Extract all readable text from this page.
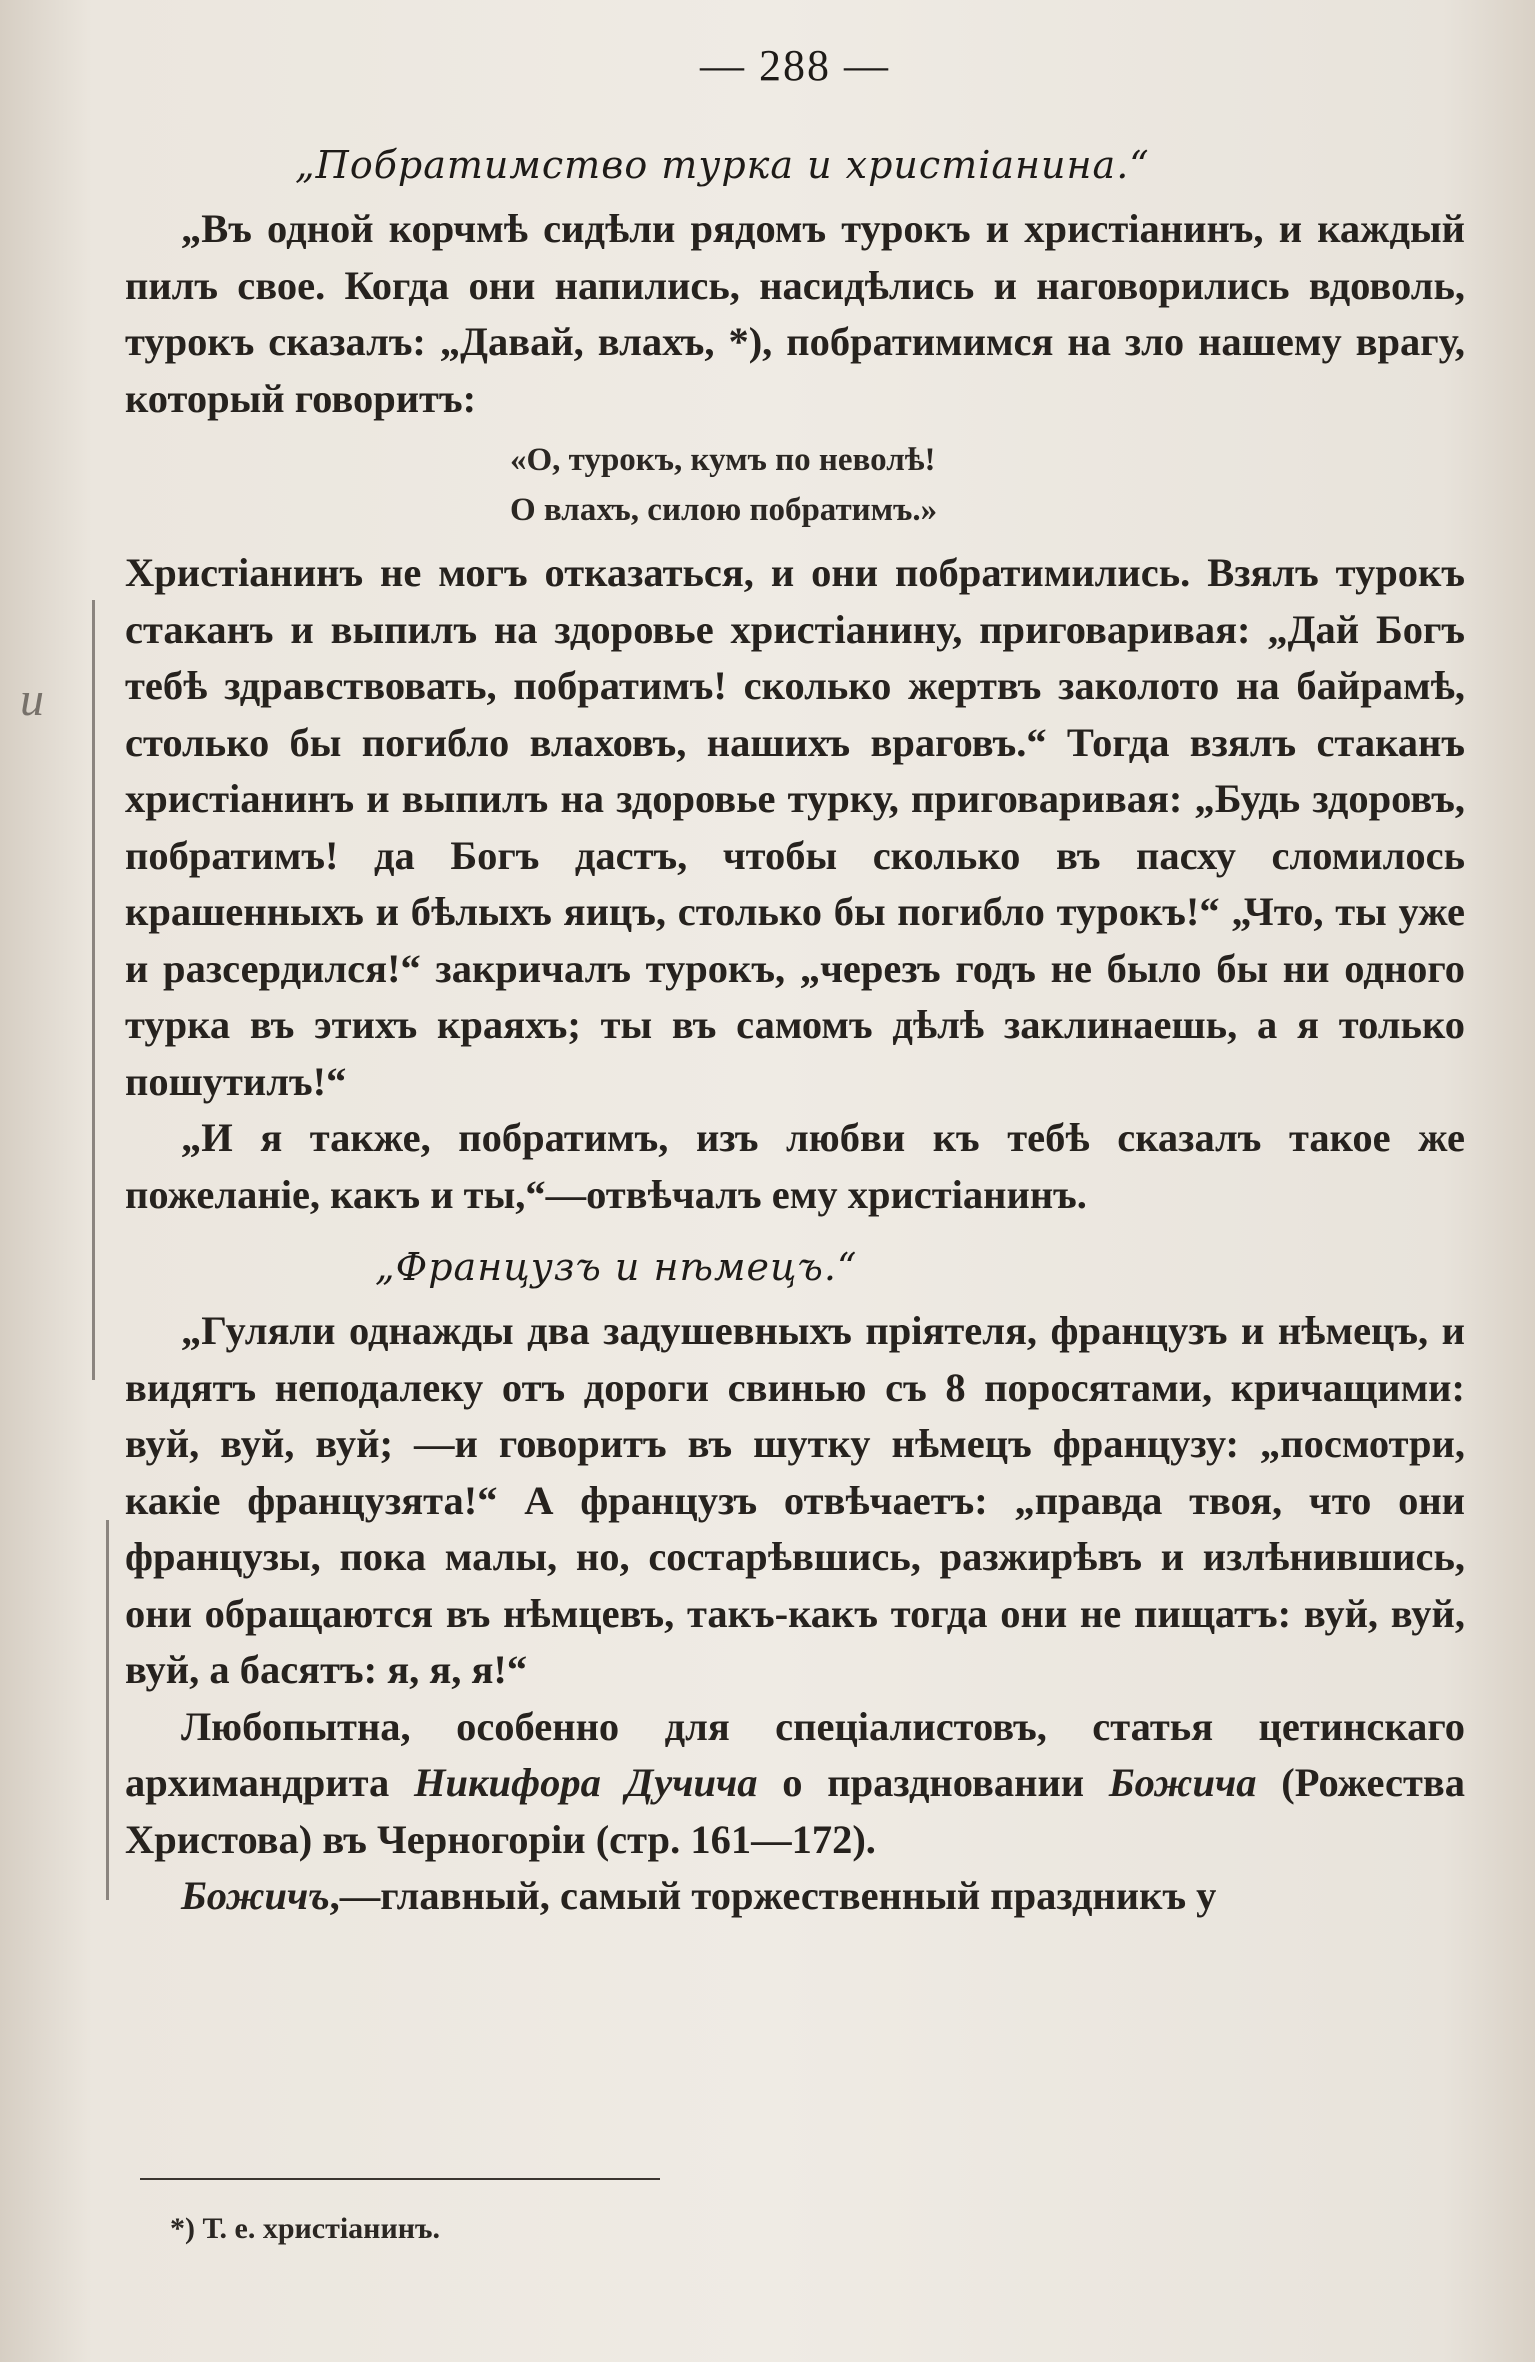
и
— 288 —
„Побратимство турка и христіанина.“

„Въ одной корчмѣ сидѣли рядомъ турокъ и христіанинъ, и каждый пилъ свое. Когда они напились, насидѣлись и наговорились вдоволь, турокъ сказалъ: „Давай, влахъ, *), побратимимся на зло нашему врагу, который говоритъ:

«О, турокъ, кумъ по неволѣ!
О влахъ, силою побратимъ.»

Христіанинъ не могъ отказаться, и они побратимились. Взялъ турокъ стаканъ и выпилъ на здоровье христіанину, приговаривая: „Дай Богъ тебѣ здравствовать, побратимъ! сколько жертвъ заколото на байрамѣ, столько бы погибло влаховъ, нашихъ враговъ.“ Тогда взялъ стаканъ христіанинъ и выпилъ на здоровье турку, приговаривая: „Будь здоровъ, побратимъ! да Богъ дастъ, чтобы сколько въ пасху сломилось крашенныхъ и бѣлыхъ яицъ, столько бы погибло турокъ!“ „Что, ты уже и разсердился!“ закричалъ турокъ, „черезъ годъ не было бы ни одного турка въ этихъ краяхъ; ты въ самомъ дѣлѣ заклинаешь, а я только пошутилъ!“

„И я также, побратимъ, изъ любви къ тебѣ сказалъ такое же пожеланіе, какъ и ты,“—отвѣчалъ ему христіанинъ.

„Французъ и нѣмецъ.“

„Гуляли однажды два задушевныхъ пріятеля, французъ и нѣмецъ, и видятъ неподалеку отъ дороги свинью съ 8 поросятами, кричащими: вуй, вуй, вуй; —и говоритъ въ шутку нѣмецъ французу: „посмотри, какіе французята!“ А французъ отвѣчаетъ: „правда твоя, что они французы, пока малы, но, состарѣвшись, разжирѣвъ и излѣнившись, они обращаются въ нѣмцевъ, такъ-какъ тогда они не пищатъ: вуй, вуй, вуй, а басятъ: я, я, я!“

Любопытна, особенно для спеціалистовъ, статья цетинскаго архимандрита Никифора Дучича о праздновании Божича (Рожества Христова) въ Черногоріи (стр. 161—172).

Божичъ,—главный, самый торжественный праздникъ у

*) Т. е. христіанинъ.
